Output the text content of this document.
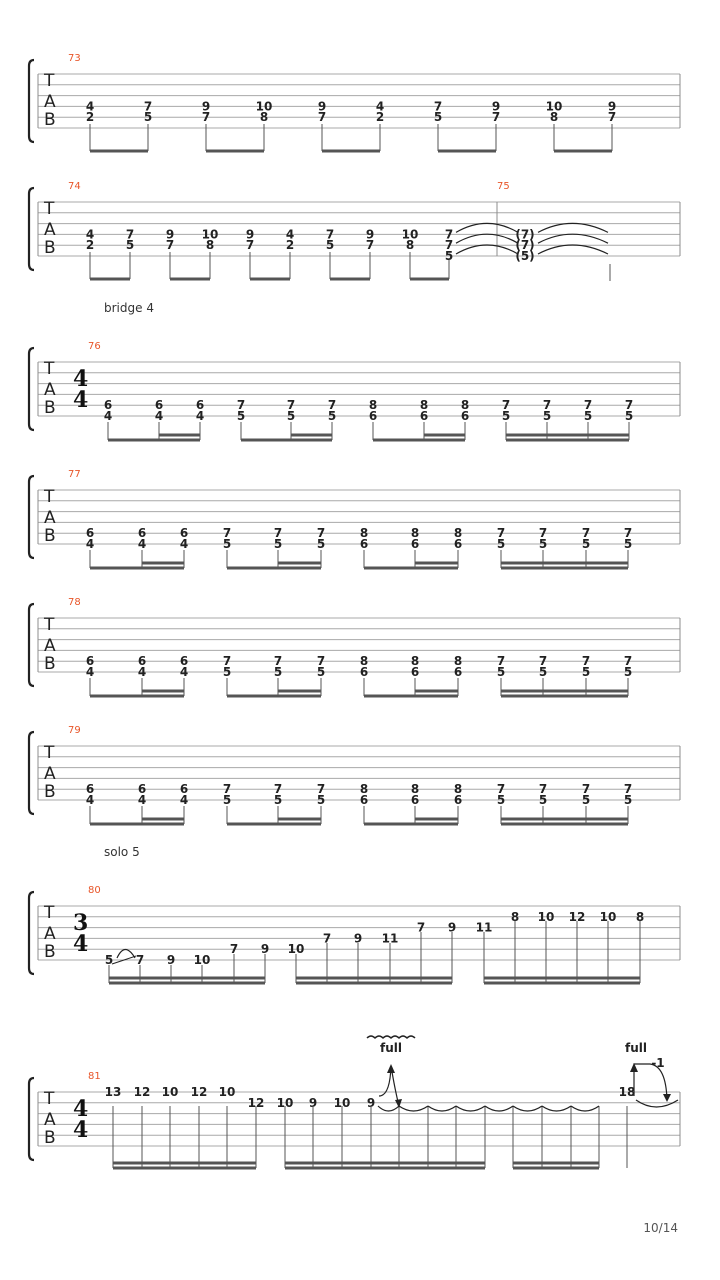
T
A
B
73
4
2
7
5
9
7
10
8
9
7
4
2
7
5
9
7
10
8
9
7
T
A
B
74	75
4
2
7
5
9
7
10
8
9
7
4
2
7
5
9
7
10
8
7
7
5
(7)
(7)
(5)
T
A
B
4
4
bridge 4
76
6
4
6
4
6
4
7
5
7
5
7
5
8
6
8
6
8
6
7
5
7
5
7
5
7
5
T
A
B
77
6
4
6
4
6
4
7
5
7
5
7
5
8
6
8
6
8
6
7
5
7
5
7
5
7
5
T
A
B
78
6
4
6
4
6
4
7
5
7
5
7
5
8
6
8
6
8
6
7
5
7
5
7
5
7
5
T
A
B
79
6
4
6
4
6
4
7
5
7
5
7
5
8
6
8
6
8
6
7
5
7
5
7
5
7
5
T
A
B
3
4
solo 5
80
5 7 9 10
7 9 10
7 9 11
7 9 11
8 10 12 10 8
T
A
B
4
4
81
13 12 10 12 10
12 10 9 10 9
18
full	full
-1
10/14
